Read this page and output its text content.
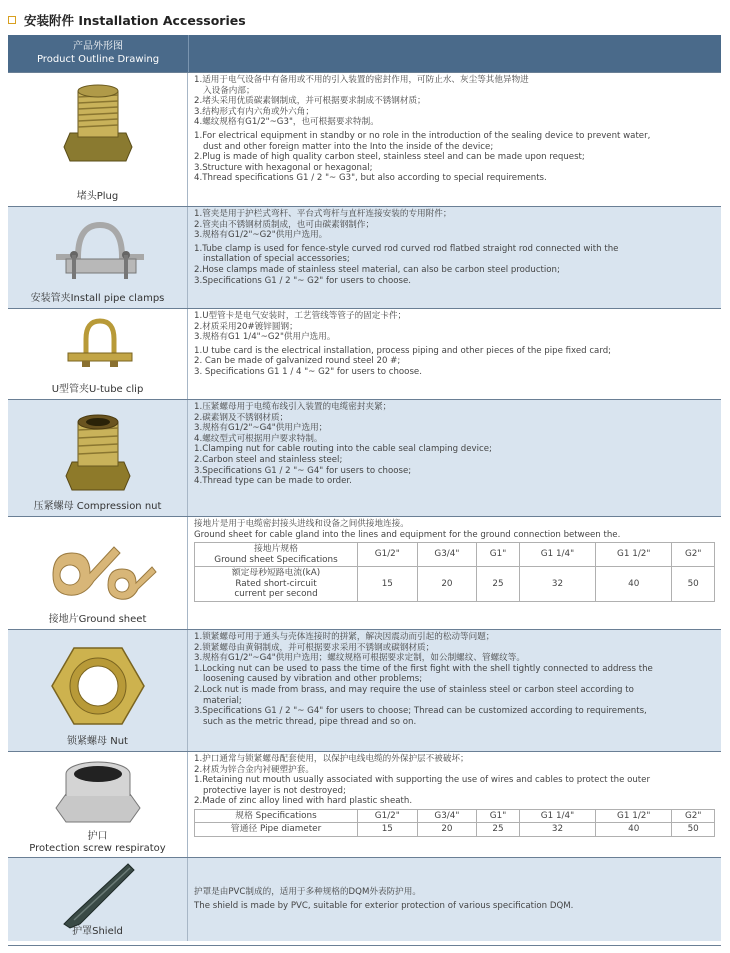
安装附件 Installation Accessories
产品外形图
Product Outline Drawing
堵头Plug
1.适用于电气设备中有备用或不用的引入装置的密封作用，可防止水、灰尘等其他异物进
入设备内部；
2.堵头采用优质碳素钢制成，并可根据要求制成不锈钢材质；
3.结构形式有内六角或外六角；
4.螺纹规格有G1/2"~G3"，也可根据要求特制。
1.For electrical equipment in standby or no role in the introduction of the sealing device to prevent water,
dust and other foreign matter into the Into the inside of the device;
2.Plug is made of high quality carbon steel, stainless steel and can be made upon request;
3.Structure with hexagonal or hexagonal;
4.Thread specifications G1 / 2 "~ G3", but also according to special requirements.
安装管夹Install pipe clamps
1.管夹是用于护栏式弯杆、平台式弯杆与直杆连接安装的专用附件；
2.管夹由不锈钢材质制成，也可由碳素钢制作；
3.规格有G1/2"~G2"供用户选用。
1.Tube clamp is used for fence-style curved rod curved rod flatbed straight rod connected with the
installation of special accessories;
2.Hose clamps made of stainless steel material, can also be carbon steel production;
3.Specifications G1 / 2 "~ G2" for users to choose.
U型管夹U-tube clip
1.U型管卡是电气安装时，工艺管线等管子的固定卡件；
2.材质采用20#镀锌圆钢；
3.规格有G1 1/4"~G2"供用户选用。
1.U tube card is the electrical installation, process piping and other pieces of the pipe fixed card;
2. Can be made of galvanized round steel 20 #;
3. Specifications G1 1 / 4 "~ G2" for users to choose.
压紧螺母 Compression nut
1.压紧螺母用于电缆布线引入装置的电缆密封夹紧；
2.碳素钢及不锈钢材质；
3.规格有G1/2"~G4"供用户选用；
4.螺纹型式可根据用户要求特制。
1.Clamping nut for cable routing into the cable seal clamping device;
2.Carbon steel and stainless steel;
3.Specifications G1 / 2 "~ G4" for users to choose;
4.Thread type can be made to order.
接地片Ground sheet
接地片是用于电缆密封接头进线和设备之间供接地连接。
Ground sheet for cable gland into the lines and equipment for the ground connection between the.
接地片规格
Ground sheet Specifications	G1/2"	G3/4"	G1"	G1 1/4"	G1 1/2"	G2"

额定母秒短路电流(kA)
Rated short-circuit
current per second	15	20	25	32	40	50
锁紧螺母 Nut
1.锁紧螺母可用于通头与壳体连接时的拼紧，解决因震动而引起的松动等问题；
2.锁紧螺母由黄铜制成，并可根据要求采用不锈钢或碳钢材质；
3.规格有G1/2"~G4"供用户选用；螺纹规格可根据要求定制，如公制螺纹、管螺纹等。
1.Locking nut can be used to pass the time of the first fight with the shell tightly connected to address the
loosening caused by vibration and other problems;
2.Lock nut is made from brass, and may require the use of stainless steel or carbon steel according to
material;
3.Specifications G1 / 2 "~ G4" for users to choose; Thread can be customized according to requirements,
such as the metric thread, pipe thread and so on.
护口
Protection screw respiratoy
1.护口通常与锁紧螺母配套使用，以保护电线电缆的外保护层不被破坏；
2.材质为锌合金内衬硬塑护套。
1.Retaining nut mouth usually associated with supporting the use of wires and cables to protect the outer
protective layer is not destroyed;
2.Made of zinc alloy lined with hard plastic sheath.
规格 Specifications	G1/2"	G3/4"	G1"	G1 1/4"	G1 1/2"	G2"
管通径 Pipe diameter	15	20	25	32	40	50
护罩Shield
护罩是由PVC制成的，适用于多种规格的DQM外表防护用。
The shield is made by PVC, suitable for exterior protection of various specification DQM.
